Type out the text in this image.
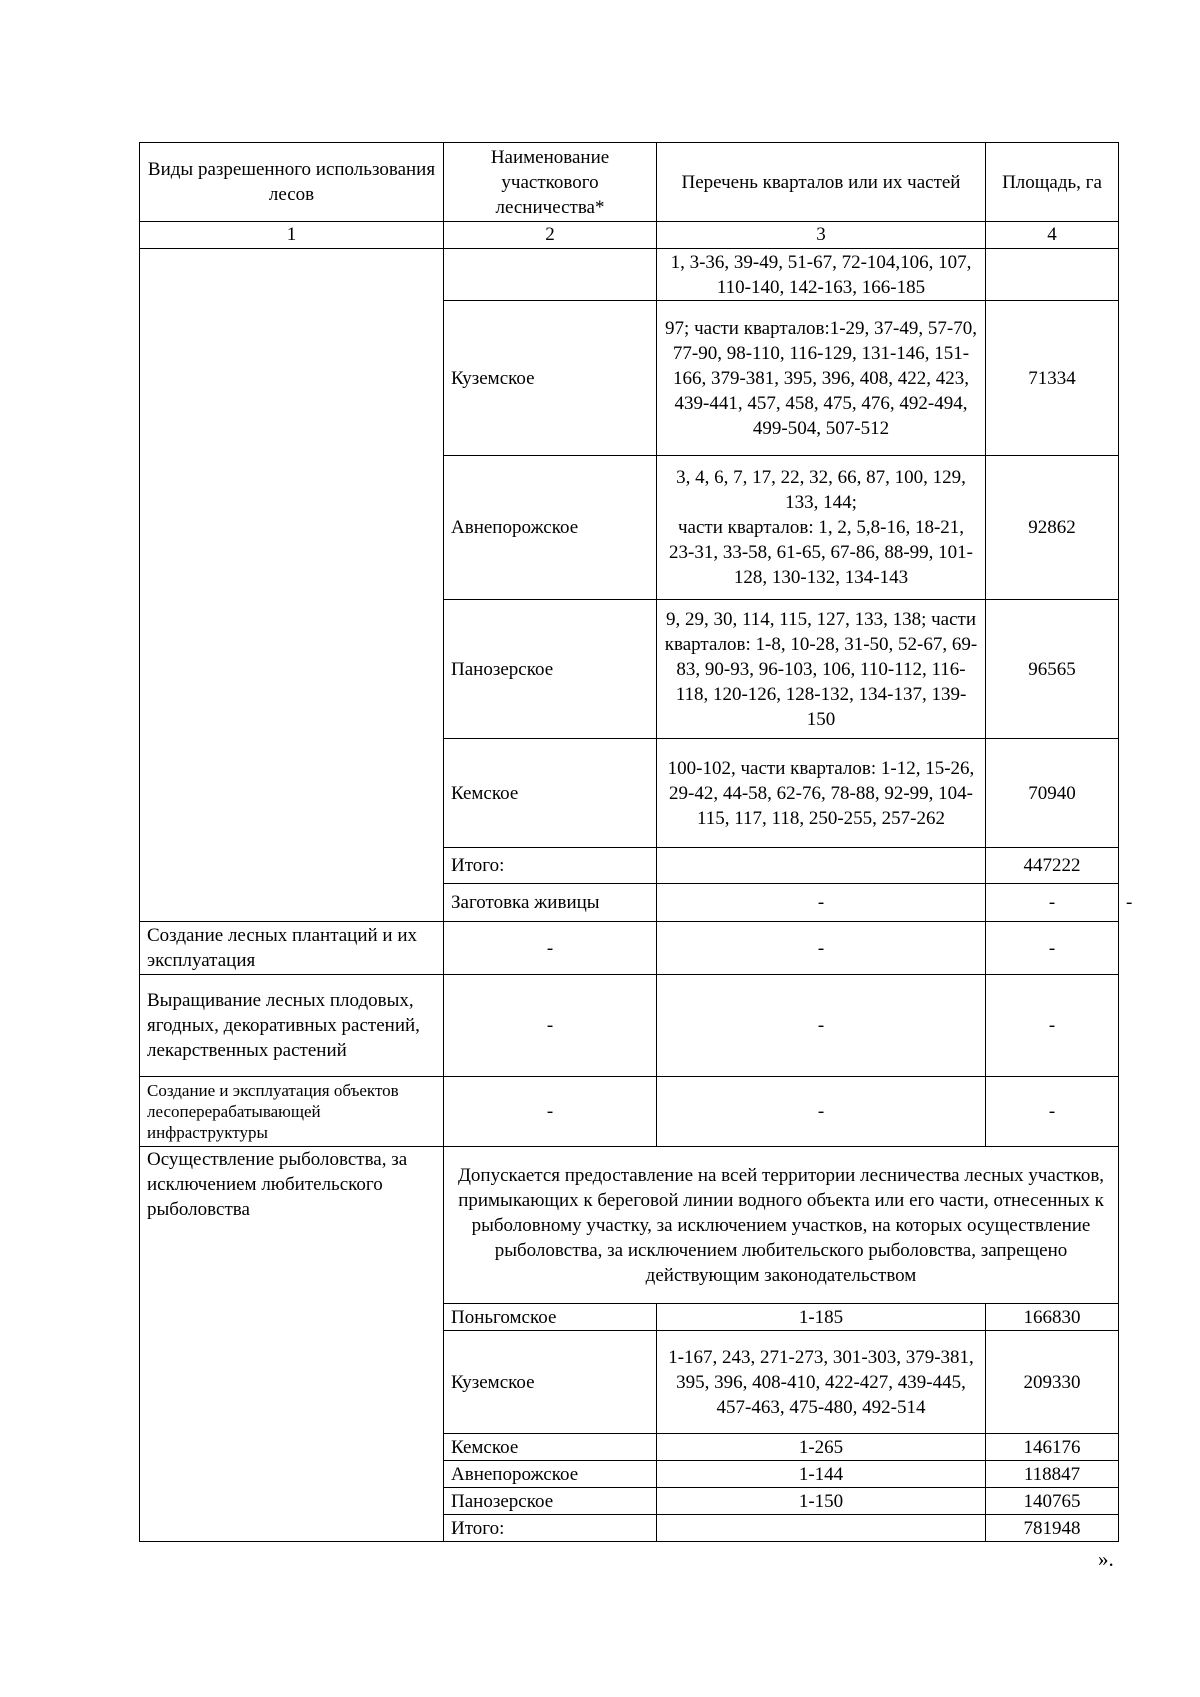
Виды разрешенного использования лесов	Наименование участкового лесничества*	Перечень кварталов или их частей	Площадь, га	
1	2	3	4	
		1, 3-36, 39-49, 51-67, 72-104,106, 107, 110-140, 142-163, 166-185		
	Куземское	97; части кварталов:1-29, 37-49, 57-70, 77-90, 98-110, 116-129, 131-146, 151-166, 379-381, 395, 396, 408, 422, 423, 439-441, 457, 458, 475, 476, 492-494, 499-504, 507-512	71334	
	Авнепорожское	3, 4, 6, 7, 17, 22, 32, 66, 87, 100, 129, 133, 144;
части кварталов: 1, 2, 5,8-16, 18-21, 23-31, 33-58, 61-65, 67-86, 88-99, 101-128, 130-132, 134-143	92862	
	Панозерское	9, 29, 30, 114, 115, 127, 133, 138; части кварталов: 1-8, 10-28, 31-50, 52-67, 69-83, 90-93, 96-103, 106, 110-112, 116-118, 120-126, 128-132, 134-137, 139-150	96565	
	Кемское	100-102, части кварталов: 1-12, 15-26, 29-42, 44-58, 62-76, 78-88, 92-99, 104-115, 117, 118, 250-255, 257-262	70940	
	Итого:		447222	
	Заготовка живицы	-	-	-
Создание лесных плантаций и их эксплуатация	-	-	-	
Выращивание лесных плодовых, ягодных, декоративных растений, лекарственных растений	-	-	-	
Создание и эксплуатация объектов лесоперерабатывающей инфраструктуры	-	-	-	
Осуществление рыболовства, за исключением любительского рыболовства	Допускается предоставление на всей территории лесничества лесных участков, примыкающих к береговой линии водного объекта или его части, отнесенных к рыболовному участку, за исключением участков, на которых осуществление рыболовства, за исключением любительского рыболовства, запрещено действующим законодательством			
	Поньгомское	1-185	166830	
	Куземское	1-167, 243, 271-273, 301-303, 379-381, 395, 396, 408-410, 422-427, 439-445, 457-463, 475-480, 492-514	209330	
	Кемское	1-265	146176	
	Авнепорожское	1-144	118847	
	Панозерское	1-150	140765	
	Итого:		781948	
».
